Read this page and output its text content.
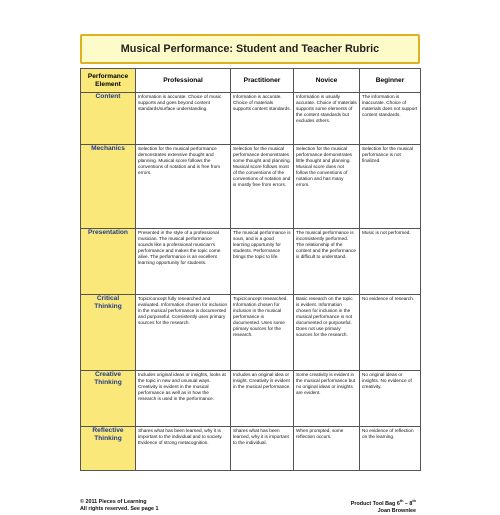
Musical Performance: Student and Teacher Rubric
Performance Element	Professional	Practitioner	Novice	Beginner
Content	Information is accurate. Choice of music supports and goes beyond content standards/surface understanding.	Information is accurate. Choice of materials supports content standards.	Information is usually accurate. Choice of materials supports some elements of the content standards but excludes others.	The information is inaccurate. Choice of materials does not support content standards.
Mechanics	Selection for the musical performance demonstrates extensive thought and planning. Musical score follows the conventions of notation and is free from errors.	Selection for the musical performance demonstrates some thought and planning. Musical score follows most of the conventions of the conventions of notation and is mostly free from errors.	Selection for the musical performance demonstrates little thought and planning. Musical score does not follow the conventions of notation and has many errors.	Selection for the musical performance is not finalized.
Presentation	Presented in the style of a professional musician. The musical performance sounds like a professional musician's performance and makes the topic come alive. The performance is an excellent learning opportunity for students.	The musical performance is soun, and is a good learning opportunity for students. Performance brings the topic to life.	The musical performance is inconsistently performed. The relationship of the content and the performance is difficult to understand.	Music is not performed.
Critical Thinking	Topic/concept fully researched and evaluated. Information chosen for inclusion in the musical performance is documented and purposeful. Consistently uses primary sources for the research.	Topic/concept researched. Information chosen for inclusion in the musical performance is documented. Uses some primary sources for the research.	Basic research on the topic is evident. Information chosen for inclusion in the musical performance is not documented or purposeful. Does not use primary sources for the research.	No evidence of research.
Creative Thinking	Includes original ideas or insights, looks at the topic in new and unusual ways. Creativity is evident in the musical performance as well as in how the research is used in the performance.	Includes an original idea or insight. Creativity is evident in the musical performance.	Some creativity is evident in the musical performance but no original ideas or insights are evident.	No original ideas or insights. No evidence of creativity.
Reflective Thinking	Shares what has been learned, why it is important to the individual and to society. Evidence of strong metacognition.	Shares what has been learned, why it is important to the individual.	When prompted, some reflection occurs.	No evidence of reflection on the learning.
© 2011 Pieces of Learning
All rights reserved. See page 1
Product Tool Bag 6th – 8th
Joan Brownlee
